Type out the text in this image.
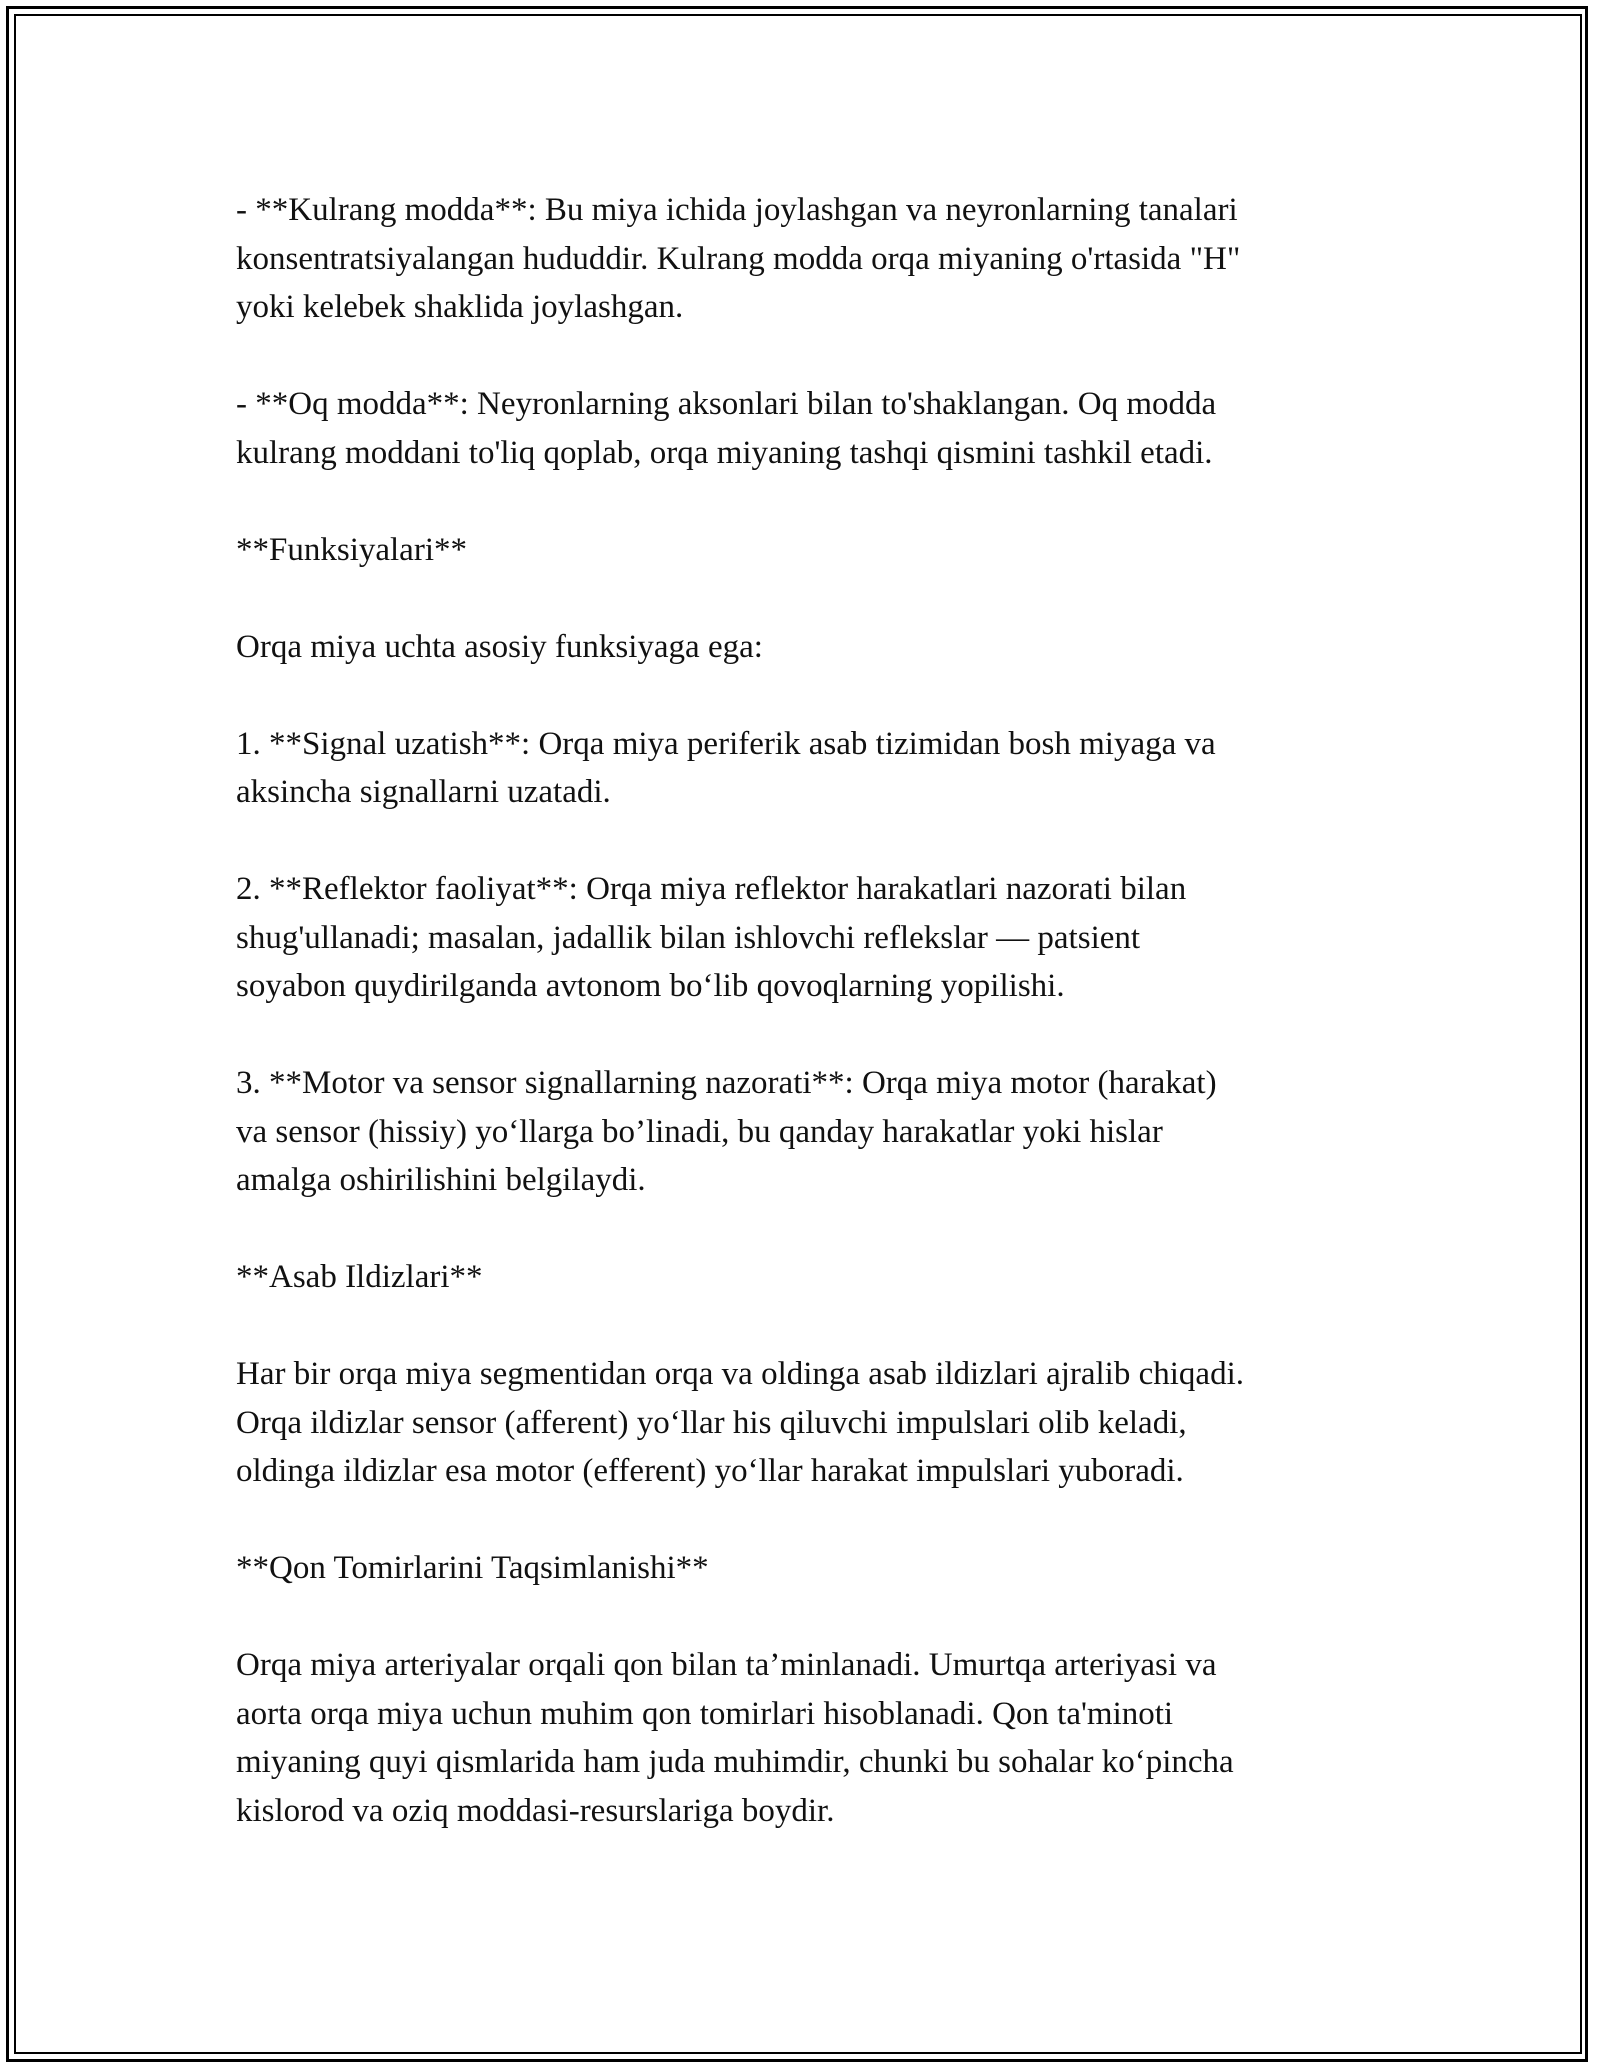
- **Kulrang modda**: Bu miya ichida joylashgan va neyronlarning tanalari
konsentratsiyalangan hududdir. Kulrang modda orqa miyaning o'rtasida "H"
yoki kelebek shaklida joylashgan.

- **Oq modda**: Neyronlarning aksonlari bilan to'shaklangan. Oq modda
kulrang moddani to'liq qoplab, orqa miyaning tashqi qismini tashkil etadi.

**Funksiyalari**

Orqa miya uchta asosiy funksiyaga ega:

1. **Signal uzatish**: Orqa miya periferik asab tizimidan bosh miyaga va
aksincha signallarni uzatadi.

2. **Reflektor faoliyat**: Orqa miya reflektor harakatlari nazorati bilan
shug'ullanadi; masalan, jadallik bilan ishlovchi reflekslar — patsient
soyabon quydirilganda avtonom bo‘lib qovoqlarning yopilishi.

3. **Motor va sensor signallarning nazorati**: Orqa miya motor (harakat)
va sensor (hissiy) yo‘llarga bo’linadi, bu qanday harakatlar yoki hislar
amalga oshirilishini belgilaydi.

**Asab Ildizlari**

Har bir orqa miya segmentidan orqa va oldinga asab ildizlari ajralib chiqadi.
Orqa ildizlar sensor (afferent) yo‘llar his qiluvchi impulslari olib keladi,
oldinga ildizlar esa motor (efferent) yo‘llar harakat impulslari yuboradi.

**Qon Tomirlarini Taqsimlanishi**

Orqa miya arteriyalar orqali qon bilan ta’minlanadi. Umurtqa arteriyasi va
aorta orqa miya uchun muhim qon tomirlari hisoblanadi. Qon ta'minoti
miyaning quyi qismlarida ham juda muhimdir, chunki bu sohalar ko‘pincha
kislorod va oziq moddasi-resurslariga boydir.
